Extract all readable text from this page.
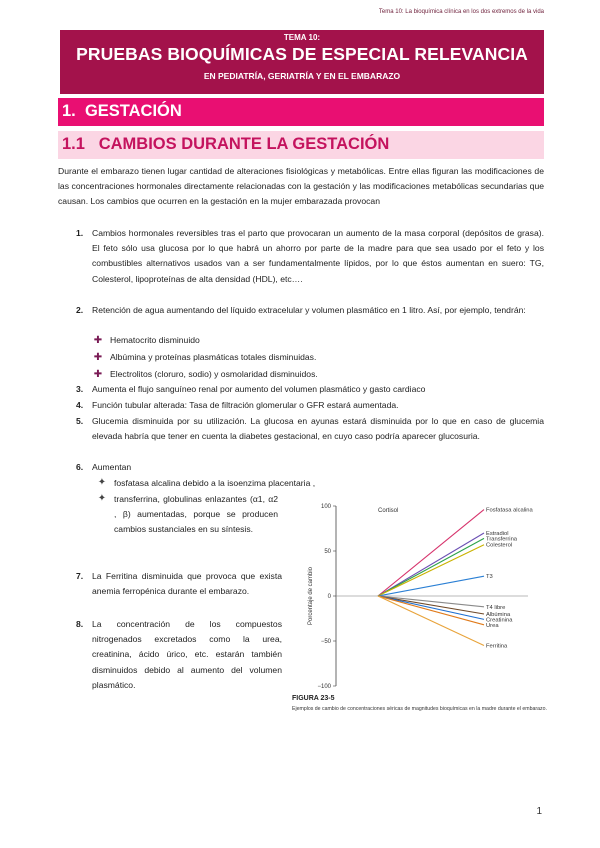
Tema 10: La bioquímica clínica en los dos extremos de la vida
TEMA 10:
PRUEBAS BIOQUÍMICAS DE ESPECIAL RELEVANCIA
EN PEDIATRÍA, GERIATRÍA Y EN EL EMBARAZO
1. GESTACIÓN
1.1 CAMBIOS DURANTE LA GESTACIÓN
Durante el embarazo tienen lugar cantidad de alteraciones fisiológicas y metabólicas. Entre ellas figuran las modificaciones de las concentraciones hormonales directamente relacionadas con la gestación y las modificaciones metabólicas secundarias que causan. Los cambios que ocurren en la gestación en la mujer embarazada provocan
1. Cambios hormonales reversibles tras el parto que provocaran un aumento de la masa corporal (depósitos de grasa). El feto sólo usa glucosa por lo que habrá un ahorro por parte de la madre para que sea usado por el feto y los combustibles alternativos usados van a ser fundamentalmente lípidos, por lo que éstos aumentan en suero: TG, Colesterol, lipoproteínas de alta densidad (HDL), etc….
2. Retención de agua aumentando del líquido extracelular y volumen plasmático en 1 litro. Así, por ejemplo, tendrán:
✚ Hematocrito disminuido
✚ Albúmina y proteínas plasmáticas totales disminuidas.
✚ Electrolitos (cloruro, sodio) y osmolaridad disminuidos.
3. Aumenta el flujo sanguíneo renal por aumento del volumen plasmático y gasto cardiaco
4. Función tubular alterada: Tasa de filtración glomerular o GFR estará aumentada.
5. Glucemia disminuida por su utilización. La glucosa en ayunas estará disminuida por lo que en caso de glucemia elevada habría que tener en cuenta la diabetes gestacional, en cuyo caso podría aparecer glucosuria.
6. Aumentan
✦ fosfatasa alcalina debido a la isoenzima placentaria ,
✦ transferrina, globulinas enlazantes (α1, α2 , β) aumentadas, porque se producen cambios sustanciales en su síntesis.
7. La Ferritina disminuida que provoca que exista anemia ferropénica durante el embarazo.
8. La concentración de los compuestos nitrogenados excretados como la urea, creatinina, ácido úrico, etc. estarán también disminuidos debido al aumento del volumen plasmático.
100
50
0
−50
−100
Porcentaje de cambio
Cortisol	Fosfatasa alcalina
Estradiol
Transferrina
Colesterol
T3
T4 libre
Albúmina
Creatinina
Urea
Ferritina
FIGURA 23-5
Ejemplos de cambio de concentraciones séricas de magnitudes bioquímicas en la madre durante el embarazo.
1
